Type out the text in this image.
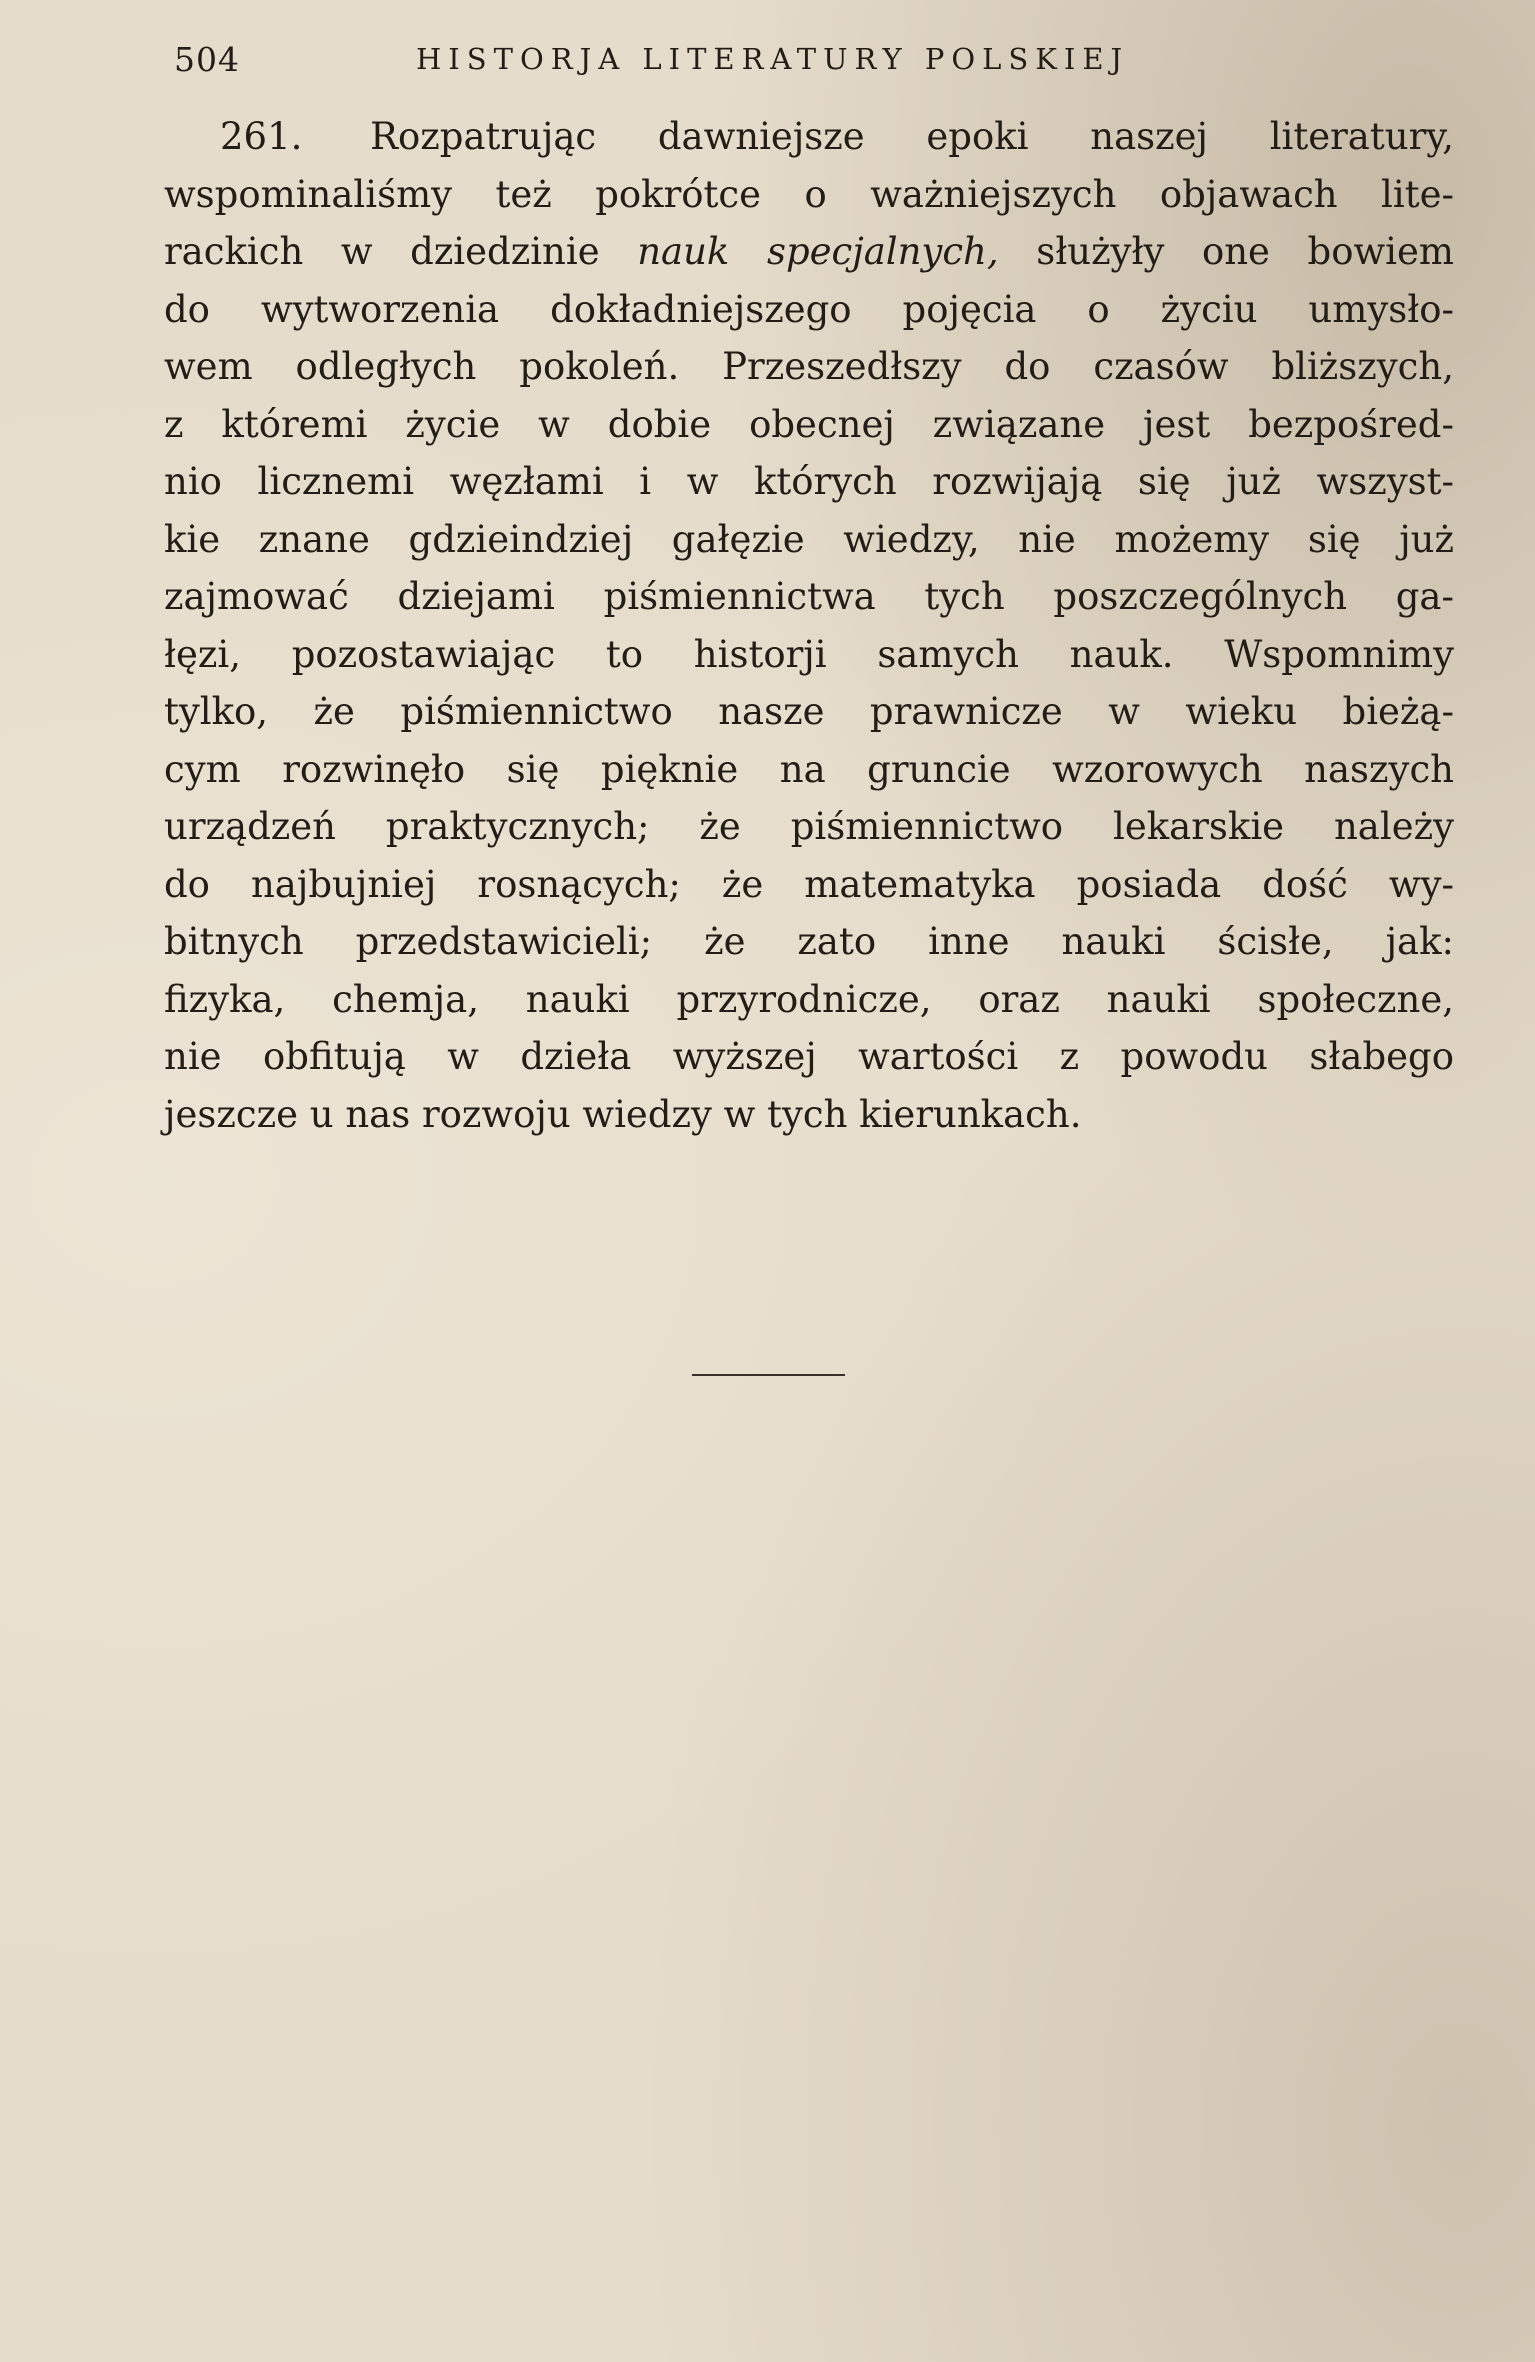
504	HISTORJA LITERATURY POLSKIEJ
261. Rozpatrując dawniejsze epoki naszej literatury,
wspominaliśmy też pokrótce o ważniejszych objawach lite-
rackich w dziedzinie nauk specjalnych, służyły one bowiem
do wytworzenia dokładniejszego pojęcia o życiu umysło-
wem odległych pokoleń. Przeszedłszy do czasów bliższych,
z któremi życie w dobie obecnej związane jest bezpośred-
nio licznemi węzłami i w których rozwijają się już wszyst-
kie znane gdzieindziej gałęzie wiedzy, nie możemy się już
zajmować dziejami piśmiennictwa tych poszczególnych ga-
łęzi, pozostawiając to historji samych nauk. Wspomnimy
tylko, że piśmiennictwo nasze prawnicze w wieku bieżą-
cym rozwinęło się pięknie na gruncie wzorowych naszych
urządzeń praktycznych; że piśmiennictwo lekarskie należy
do najbujniej rosnących; że matematyka posiada dość wy-
bitnych przedstawicieli; że zato inne nauki ścisłe, jak:
fizyka, chemja, nauki przyrodnicze, oraz nauki społeczne,
nie obfitują w dzieła wyższej wartości z powodu słabego
jeszcze u nas rozwoju wiedzy w tych kierunkach.
